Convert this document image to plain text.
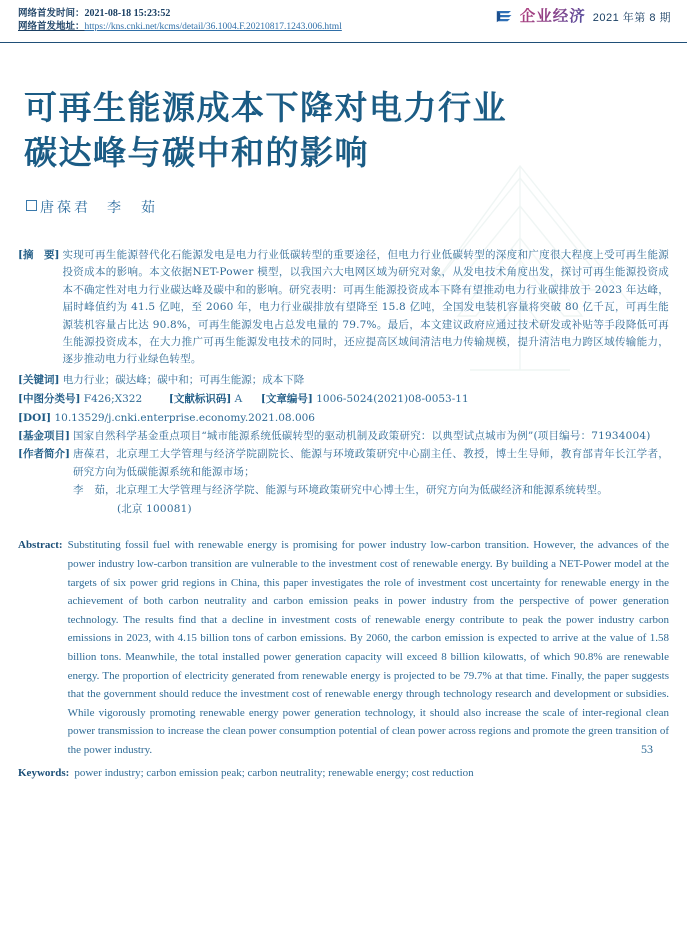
网络首发时间：2021-08-18 15:23:52
网络首发地址：https://kns.cnki.net/kcms/detail/36.1004.F.20210817.1243.006.html
企业经济 2021 年第 8 期
可再生能源成本下降对电力行业
碳达峰与碳中和的影响
唐葆君 李　茹
[摘　要] 实现可再生能源替代化石能源发电是电力行业低碳转型的重要途径，但电力行业低碳转型的深度和广度很大程度上受可再生能源投资成本的影响。本文依据NET-Power 模型，以我国六大电网区域为研究对象，从发电技术角度出发，探讨可再生能源投资成本不确定性对电力行业碳达峰及碳中和的影响。研究表明：可再生能源投资成本下降有望推动电力行业碳排放于 2023 年达峰，届时峰值约为 41.5 亿吨，至 2060 年，电力行业碳排放有望降至 15.8 亿吨，全国发电装机容量将突破 80 亿千瓦，可再生能源装机容量占比达 90.8%，可再生能源发电占总发电量的 79.7%。最后，本文建议政府应通过技术研发或补贴等手段降低可再生能源投资成本，在大力推广可再生能源发电技术的同时，还应提高区域间清洁电力传输规模，提升清洁电力跨区域传输能力，逐步推动电力行业绿色转型。
[关键词] 电力行业；碳达峰；碳中和；可再生能源；成本下降
[中图分类号] F426;X322	[文献标识码] A [文章编号] 1006-5024(2021)08-0053-11
[DOI] 10.13529/j.cnki.enterprise.economy.2021.08.006
[基金项目] 国家自然科学基金重点项目“城市能源系统低碳转型的驱动机制及政策研究：以典型试点城市为例”(项目编号：71934004)
[作者简介] 唐葆君，北京理工大学管理与经济学院副院长、能源与环境政策研究中心副主任、教授，博士生导师，教育部青年长江学者，研究方向为低碳能源系统和能源市场；
李　茹，北京理工大学管理与经济学院、能源与环境政策研究中心博士生，研究方向为低碳经济和能源系统转型。
(北京 100081)
Abstract: Substituting fossil fuel with renewable energy is promising for power industry low-carbon transition. However, the advances of the power industry low-carbon transition are vulnerable to the investment cost of renewable energy. By building a NET-Power model at the targets of six power grid regions in China, this paper investigates the role of investment cost uncertainty for renewable energy in the achievement of both carbon neutrality and carbon emission peaks in power industry from the perspective of power generation technology. The results find that a decline in investment costs of renewable energy contribute to peak the power industry carbon emissions in 2023, with 4.15 billion tons of carbon emissions. By 2060, the carbon emission is expected to arrive at the value of 1.58 billion tons. Meanwhile, the total installed power generation capacity will exceed 8 billion kilowatts, of which 90.8% are renewable energy. The proportion of electricity generated from renewable energy is projected to be 79.7% at that time. Finally, the paper suggests that the government should reduce the investment cost of renewable energy through technology research and development or subsidies. While vigorously promoting renewable energy power generation technology, it should also increase the scale of inter-regional clean power transmission to increase the clean power consumption potential of clean power across regions and promote the green transition of the power industry.
Keywords: power industry; carbon emission peak; carbon neutrality; renewable energy; cost reduction
53
